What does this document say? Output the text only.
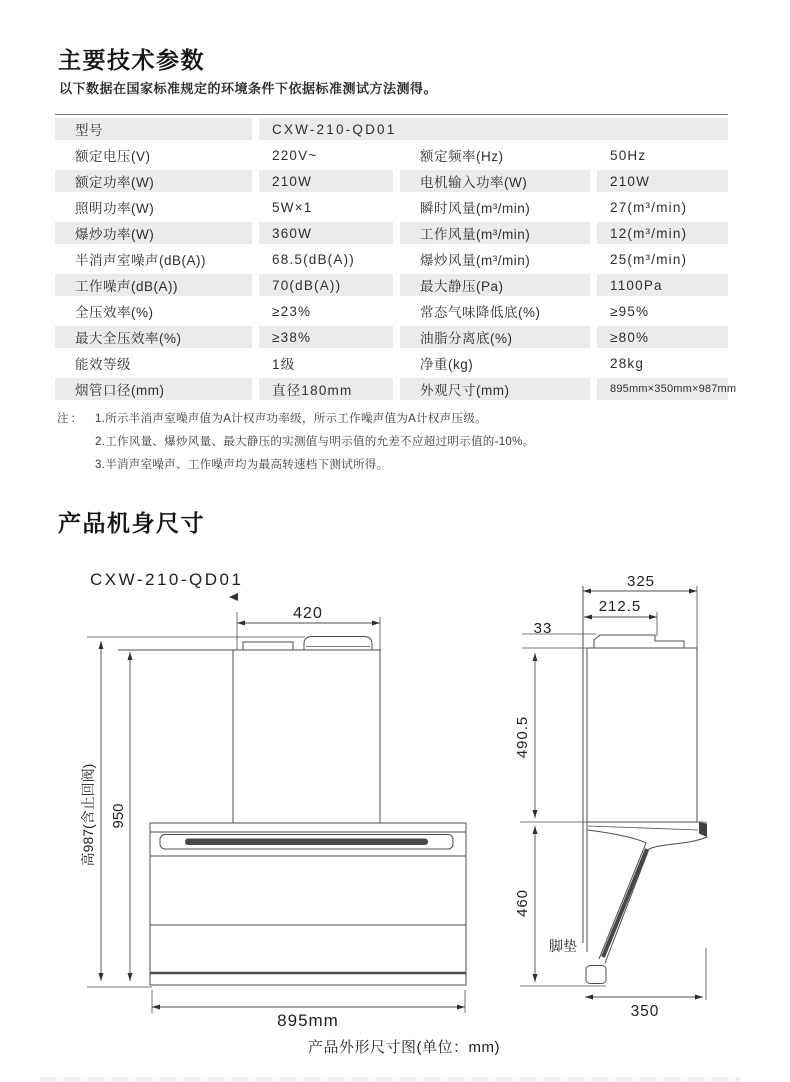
主要技术参数

以下数据在国家标准规定的环境条件下依据标准测试方法测得。

型号	CXW-210-QD01
额定电压(V)	220V~	额定频率(Hz)	50Hz
额定功率(W)	210W	电机输入功率(W)	210W
照明功率(W)	5W×1	瞬时风量(m³/min)	27(m³/min)
爆炒功率(W)	360W	工作风量(m³/min)	12(m³/min)
半消声室噪声(dB(A))	68.5(dB(A))	爆炒风量(m³/min)	25(m³/min)
工作噪声(dB(A))	70(dB(A))	最大静压(Pa)	1100Pa
全压效率(%)	≥23%	常态气味降低底(%)	≥95%
最大全压效率(%)	≥38%	油脂分离底(%)	≥80%
能效等级	1级	净重(kg)	28kg
烟管口径(mm)	直径180mm	外观尺寸(mm)	895mm×350mm×987mm
注： 1.所示半消声室噪声值为A计权声功率级，所示工作噪声值为A计权声压级。
2.工作风量、爆炒风量、最大静压的实测值与明示值的允差不应超过明示值的-10%。
3.半消声室噪声、工作噪声均为最高转速档下测试所得。
产品机身尺寸
CXW-210-QD01
420
高987(含止回阀) 950
895mm
325
212.5
33
490.5
460
脚垫
350
产品外形尺寸图(单位：mm)
